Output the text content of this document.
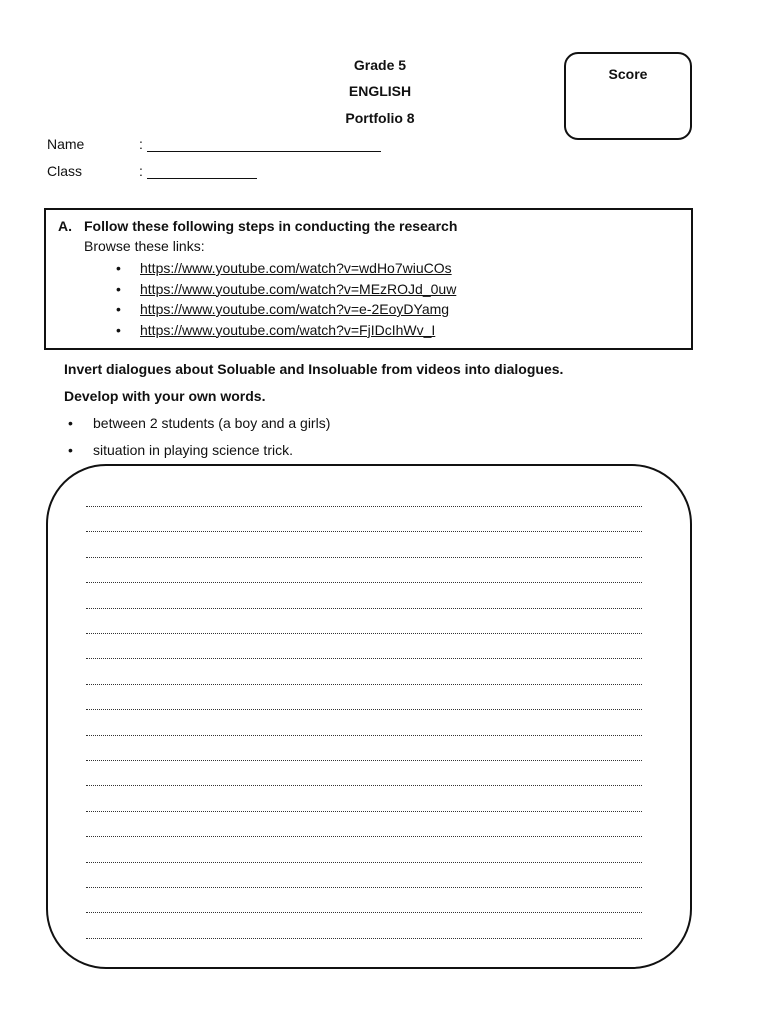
Grade 5
ENGLISH
Portfolio 8
Score
Name	:
Class	:
A. Follow these following steps in conducting the research
Browse these links:
• https://www.youtube.com/watch?v=wdHo7wiuCOs
• https://www.youtube.com/watch?v=MEzROJd_0uw
• https://www.youtube.com/watch?v=e-2EoyDYamg
• https://www.youtube.com/watch?v=FjIDcIhWv_I
Invert dialogues about Soluable and Insoluable from videos into dialogues.
Develop with your own words.
• between 2 students (a boy and a girls)
• situation in playing science trick.
